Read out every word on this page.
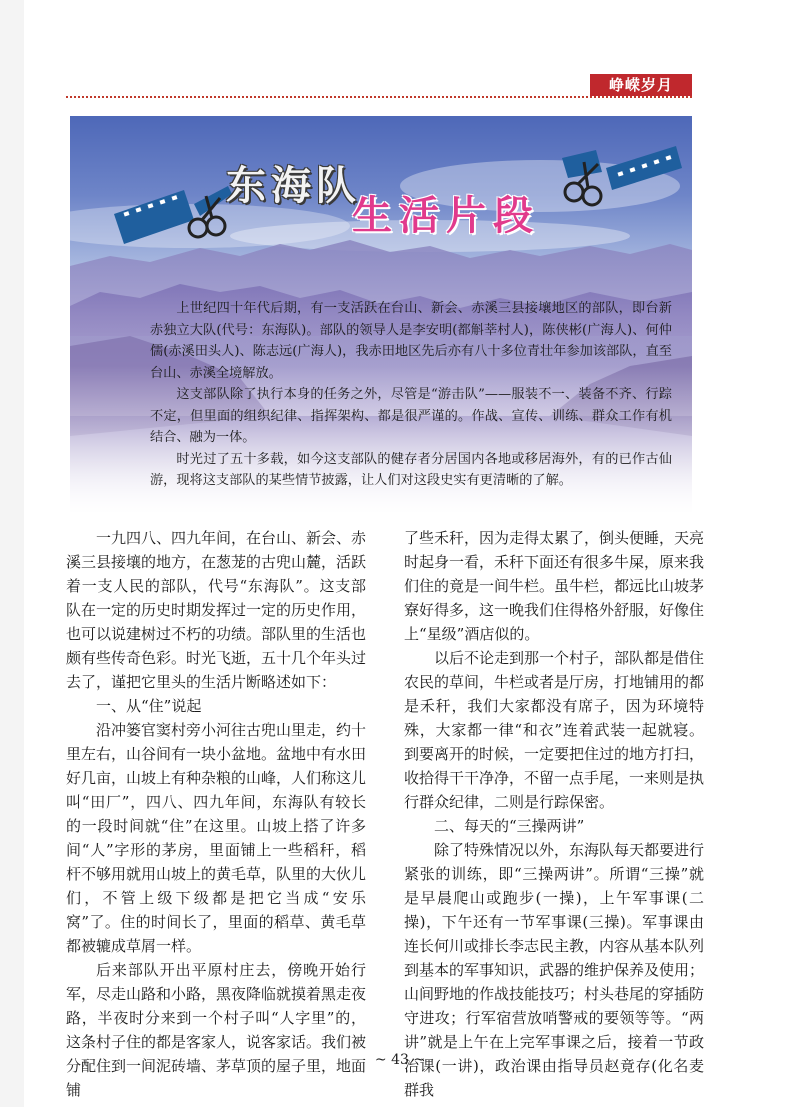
峥嵘岁月
东海队
生活片段

上世纪四十年代后期，有一支活跃在台山、新会、赤溪三县接壤地区的部队，即台新赤独立大队(代号：东海队)。部队的领导人是李安明(都斛莘村人)，陈侠彬(广海人)、何仲儒(赤溪田头人)、陈志远(广海人)，我赤田地区先后亦有八十多位青壮年参加该部队，直至台山、赤溪全境解放。

这支部队除了执行本身的任务之外，尽管是“游击队”——服装不一、装备不齐、行踪不定，但里面的组织纪律、指挥架构、都是很严谨的。作战、宣传、训练、群众工作有机结合、融为一体。

时光过了五十多载，如今这支部队的健存者分居国内各地或移居海外，有的已作古仙游，现将这支部队的某些情节披露，让人们对这段史实有更清晰的了解。

一九四八、四九年间，在台山、新会、赤溪三县接壤的地方，在葱茏的古兜山麓，活跃着一支人民的部队，代号“东海队”。这支部队在一定的历史时期发挥过一定的历史作用，也可以说建树过不朽的功绩。部队里的生活也颇有些传奇色彩。时光飞逝，五十几个年头过去了，谨把它里头的生活片断略述如下：

一、从“住”说起

沿冲篓官窦村旁小河往古兜山里走，约十里左右，山谷间有一块小盆地。盆地中有水田好几亩，山坡上有种杂粮的山峰，人们称这儿叫“田厂”，四八、四九年间，东海队有较长的一段时间就“住”在这里。山坡上搭了许多间“人”字形的茅房，里面铺上一些稻秆，稻杆不够用就用山坡上的黄毛草，队里的大伙儿们，不管上级下级都是把它当成“安乐窝”了。住的时间长了，里面的稻草、黄毛草都被辘成草屑一样。

后来部队开出平原村庄去，傍晚开始行军，尽走山路和小路，黑夜降临就摸着黑走夜路，半夜时分来到一个村子叫“人字里”的，这条村子住的都是客家人，说客家话。我们被分配住到一间泥砖墙、茅草顶的屋子里，地面铺

了些禾秆，因为走得太累了，倒头便睡，天亮时起身一看，禾秆下面还有很多牛屎，原来我们住的竟是一间牛栏。虽牛栏，都远比山坡茅寮好得多，这一晚我们住得格外舒服，好像住上“星级”酒店似的。

以后不论走到那一个村子，部队都是借住农民的草间，牛栏或者是厅房，打地铺用的都是禾秆，我们大家都没有席子，因为环境特殊，大家都一律“和衣”连着武装一起就寝。到要离开的时候，一定要把住过的地方打扫，收拾得干干净净，不留一点手尾，一来则是执行群众纪律，二则是行踪保密。

二、每天的“三操两讲”

除了特殊情况以外，东海队每天都要进行紧张的训练，即“三操两讲”。所谓“三操”就是早晨爬山或跑步(一操)，上午军事课(二操)，下午还有一节军事课(三操)。军事课由连长何川或排长李志民主教，内容从基本队列到基本的军事知识，武器的维护保养及使用；山间野地的作战技能技巧；村头巷尾的穿插防守进攻；行军宿营放哨警戒的要领等等。“两讲”就是上午在上完军事课之后，接着一节政治课(一讲)，政治课由指导员赵竟存(化名麦群我

~ 43 ~
